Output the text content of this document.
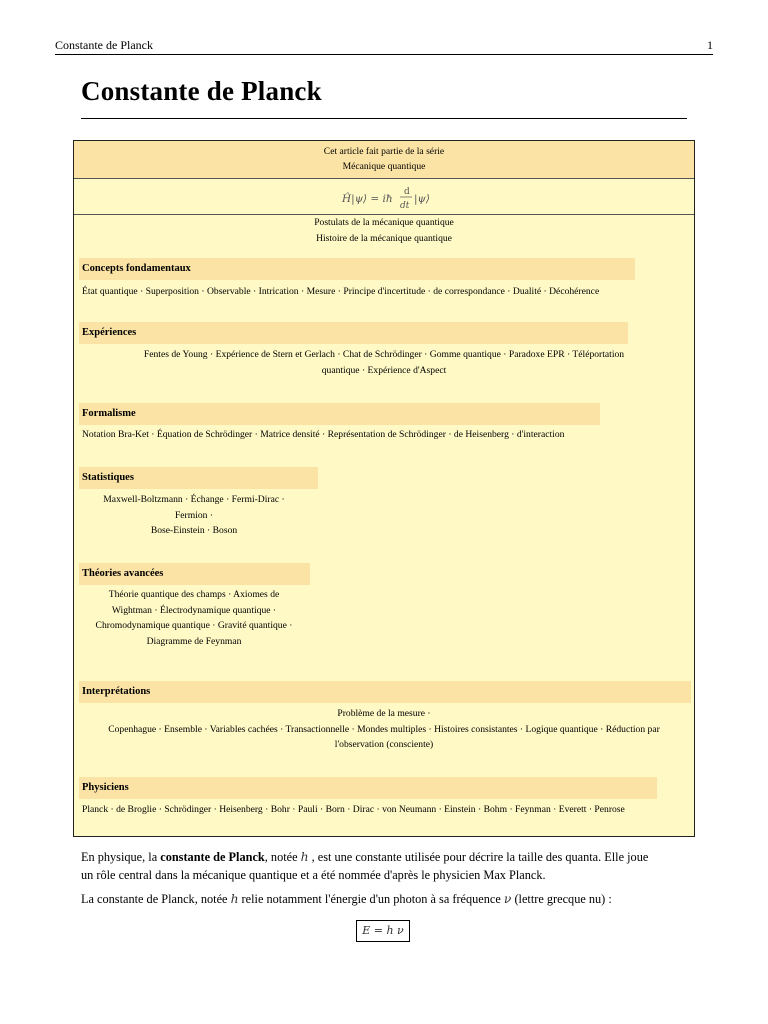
Constante de Planck	1
Constante de Planck
Cet article fait partie de la série
Mécanique quantique
Ĥ|ψ⟩ = iħ
d
dt
|ψ⟩
Postulats de la mécanique quantique
Histoire de la mécanique quantique
Concepts fondamentaux
État quantique · Superposition · Observable · Intrication · Mesure · Principe d'incertitude · de correspondance · Dualité · Décohérence
Expériences
Fentes de Young · Expérience de Stern et Gerlach · Chat de Schrödinger · Gomme quantique · Paradoxe EPR · Téléportation
quantique · Expérience d'Aspect
Formalisme
Notation Bra-Ket · Équation de Schrödinger · Matrice densité · Représentation de Schrödinger · de Heisenberg · d'interaction
Statistiques
Maxwell-Boltzmann · Échange · Fermi-Dirac ·
Fermion ·
Bose-Einstein · Boson
Théories avancées
Théorie quantique des champs · Axiomes de
Wightman · Électrodynamique quantique ·
Chromodynamique quantique · Gravité quantique ·
Diagramme de Feynman
Interprétations
Problème de la mesure ·
Copenhague · Ensemble · Variables cachées · Transactionnelle · Mondes multiples · Histoires consistantes · Logique quantique · Réduction par
l'observation (consciente)
Physiciens
Planck · de Broglie · Schrödinger · Heisenberg · Bohr · Pauli · Born · Dirac · von Neumann · Einstein · Bohm · Feynman · Everett · Penrose
En physique, la constante de Planck, notée h , est une constante utilisée pour décrire la taille des quanta. Elle joue
un rôle central dans la mécanique quantique et a été nommée d'après le physicien Max Planck.
La constante de Planck, notée h relie notamment l'énergie d'un photon à sa fréquence ν (lettre grecque nu) :
E = h ν
